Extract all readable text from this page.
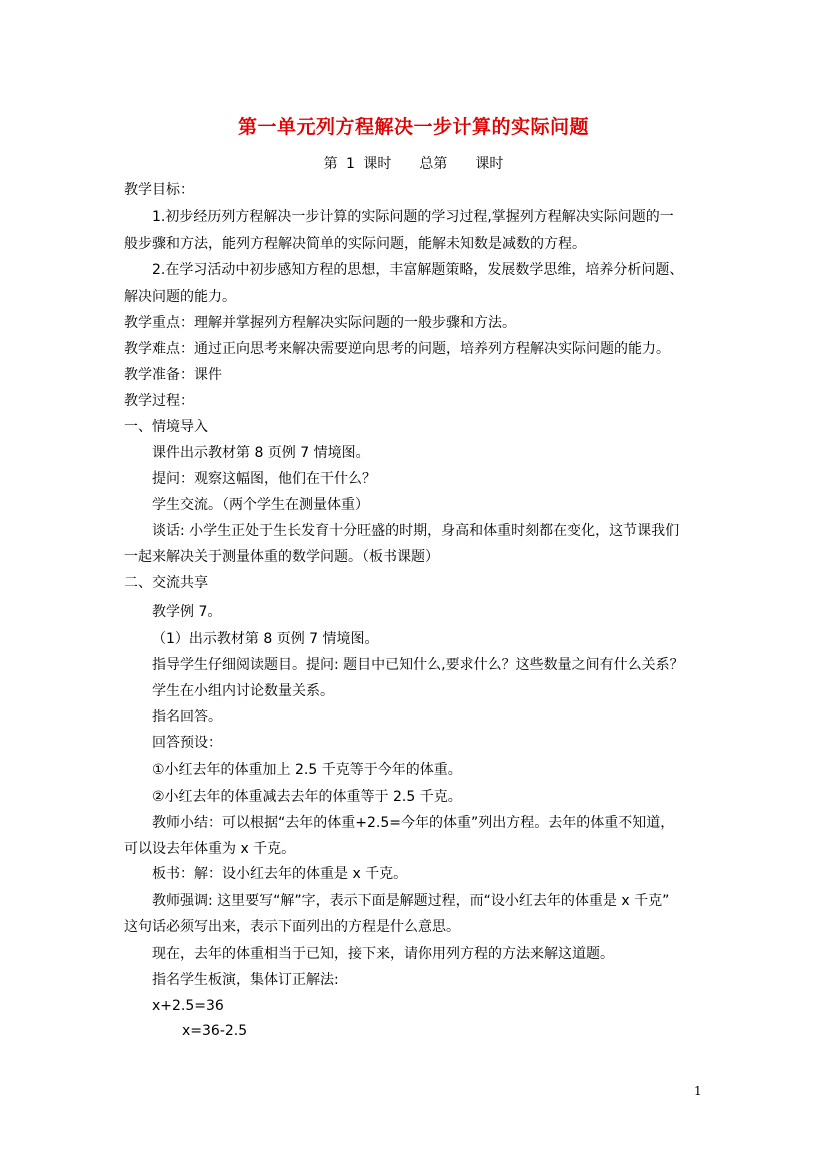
第一单元列方程解决一步计算的实际问题
第 1 课时　　总第　　课时
教学目标：
1.初步经历列方程解决一步计算的实际问题的学习过程,掌握列方程解决实际问题的一
般步骤和方法，能列方程解决简单的实际问题，能解未知数是减数的方程。
2.在学习活动中初步感知方程的思想，丰富解题策略，发展数学思维，培养分析问题、
解决问题的能力。
教学重点：理解并掌握列方程解决实际问题的一般步骤和方法。
教学难点：通过正向思考来解决需要逆向思考的问题，培养列方程解决实际问题的能力。
教学准备：课件
教学过程：
一、情境导入
课件出示教材第 8 页例 7 情境图。
提问：观察这幅图，他们在干什么？
学生交流。（两个学生在测量体重）
谈话: 小学生正处于生长发育十分旺盛的时期，身高和体重时刻都在变化，这节课我们
一起来解决关于测量体重的数学问题。（板书课题）
二、交流共享
教学例 7。
（1）出示教材第 8 页例 7 情境图。
指导学生仔细阅读题目。提问: 题目中已知什么,要求什么？这些数量之间有什么关系？
学生在小组内讨论数量关系。
指名回答。
回答预设：
①小红去年的体重加上 2.5 千克等于今年的体重。
②小红去年的体重减去去年的体重等于 2.5 千克。
教师小结：可以根据“去年的体重+2.5=今年的体重”列出方程。去年的体重不知道，
可以设去年体重为 x 千克。
板书：解：设小红去年的体重是 x 千克。
教师强调: 这里要写“解”字，表示下面是解题过程，而“设小红去年的体重是 x 千克”
这句话必须写出来，表示下面列出的方程是什么意思。
现在，去年的体重相当于已知，接下来，请你用列方程的方法来解这道题。
指名学生板演，集体订正解法:
x+2.5=36
x=36-2.5
1
